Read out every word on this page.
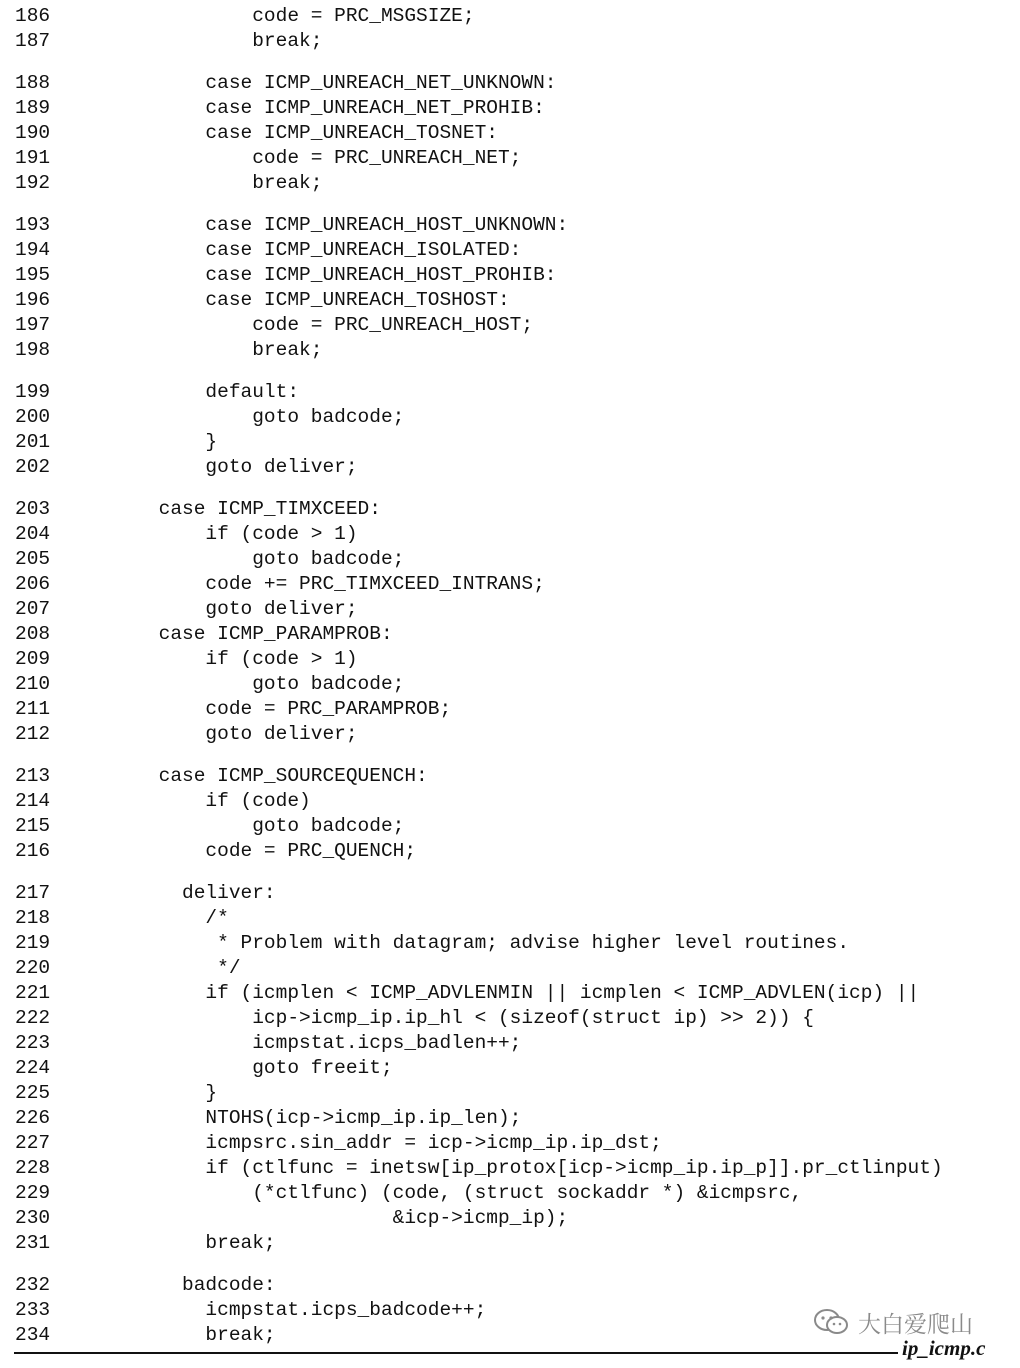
186 code = PRC_MSGSIZE;
187 break;
188 case ICMP_UNREACH_NET_UNKNOWN:
189 case ICMP_UNREACH_NET_PROHIB:
190 case ICMP_UNREACH_TOSNET:
191 code = PRC_UNREACH_NET;
192 break;
193 case ICMP_UNREACH_HOST_UNKNOWN:
194 case ICMP_UNREACH_ISOLATED:
195 case ICMP_UNREACH_HOST_PROHIB:
196 case ICMP_UNREACH_TOSHOST:
197 code = PRC_UNREACH_HOST;
198 break;
199 default:
200 goto badcode;
201 }
202 goto deliver;
203 case ICMP_TIMXCEED:
204 if (code > 1)
205 goto badcode;
206 code += PRC_TIMXCEED_INTRANS;
207 goto deliver;
208 case ICMP_PARAMPROB:
209 if (code > 1)
210 goto badcode;
211 code = PRC_PARAMPROB;
212 goto deliver;
213 case ICMP_SOURCEQUENCH:
214 if (code)
215 goto badcode;
216 code = PRC_QUENCH;
217 deliver:
218 /*
219 * Problem with datagram; advise higher level routines.
220 */
221 if (icmplen < ICMP_ADVLENMIN || icmplen < ICMP_ADVLEN(icp) ||
222 icp->icmp_ip.ip_hl < (sizeof(struct ip) >> 2)) {
223 icmpstat.icps_badlen++;
224 goto freeit;
225 }
226 NTOHS(icp->icmp_ip.ip_len);
227 icmpsrc.sin_addr = icp->icmp_ip.ip_dst;
228 if (ctlfunc = inetsw[ip_protox[icp->icmp_ip.ip_p]].pr_ctlinput)
229 (*ctlfunc) (code, (struct sockaddr *) &icmpsrc,
230 &icp->icmp_ip);
231 break;
232 badcode:
233 icmpstat.icps_badcode++;
234 break;	大白爱爬山
ip_icmp.c
